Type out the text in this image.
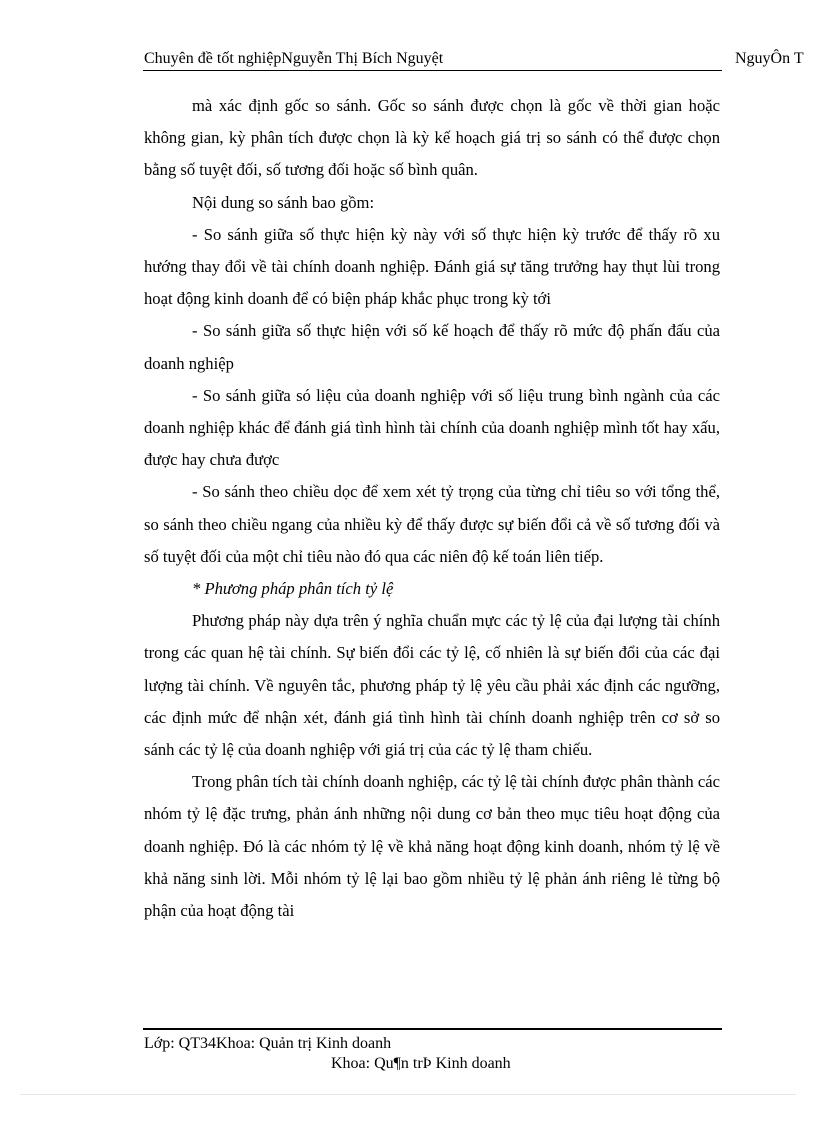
Chuyên đề tốt nghiệpNguyễn Thị Bích Nguyệt	NguyÔn T

mà xác định gốc so sánh. Gốc so sánh được chọn là gốc về thời gian hoặc không gian, kỳ phân tích được chọn là kỳ kế hoạch giá trị so sánh có thể được chọn bằng số tuyệt đối, số tương đối hoặc số bình quân.

Nội dung so sánh bao gồm:

- So sánh giữa số thực hiện kỳ này với số thực hiện kỳ trước để thấy rõ xu hướng thay đổi về tài chính doanh nghiệp. Đánh giá sự tăng trưởng hay thụt lùi trong hoạt động kinh doanh để có biện pháp khắc phục trong kỳ tới

- So sánh giữa số thực hiện với số kế hoạch để thấy rõ mức độ phấn đấu của doanh nghiệp

- So sánh giữa só liệu của doanh nghiệp với số liệu trung bình ngành của các doanh nghiệp khác để đánh giá tình hình tài chính của doanh nghiệp mình tốt hay xấu, được hay chưa được

- So sánh theo chiều dọc để xem xét tỷ trọng của từng chỉ tiêu so với tổng thể, so sánh theo chiều ngang của nhiều kỳ để thấy được sự biến đổi cả về số tương đối và số tuyệt đối của một chỉ tiêu nào đó qua các niên độ kế toán liên tiếp.

* Phương pháp phân tích tỷ lệ

Phương pháp này dựa trên ý nghĩa chuẩn mực các tỷ lệ của đại lượng tài chính trong các quan hệ tài chính. Sự biến đổi các tỷ lệ, cố nhiên là sự biến đổi của các đại lượng tài chính. Về nguyên tắc, phương pháp tỷ lệ yêu cầu phải xác định các ngưỡng, các định mức để nhận xét, đánh giá tình hình tài chính doanh nghiệp trên cơ sở so sánh các tỷ lệ của doanh nghiệp với giá trị của các tỷ lệ tham chiếu.

Trong phân tích tài chính doanh nghiệp, các tỷ lệ tài chính được phân thành các nhóm tỷ lệ đặc trưng, phản ánh những nội dung cơ bản theo mục tiêu hoạt động của doanh nghiệp. Đó là các nhóm tỷ lệ về khả năng hoạt động kinh doanh, nhóm tỷ lệ về khả năng sinh lời. Mỗi nhóm tỷ lệ lại bao gồm nhiều tỷ lệ phản ánh riêng lẻ từng bộ phận của hoạt động tài

Lớp: QT34Khoa: Quản trị Kinh doanh
Khoa: Qu¶n trÞ Kinh doanh
